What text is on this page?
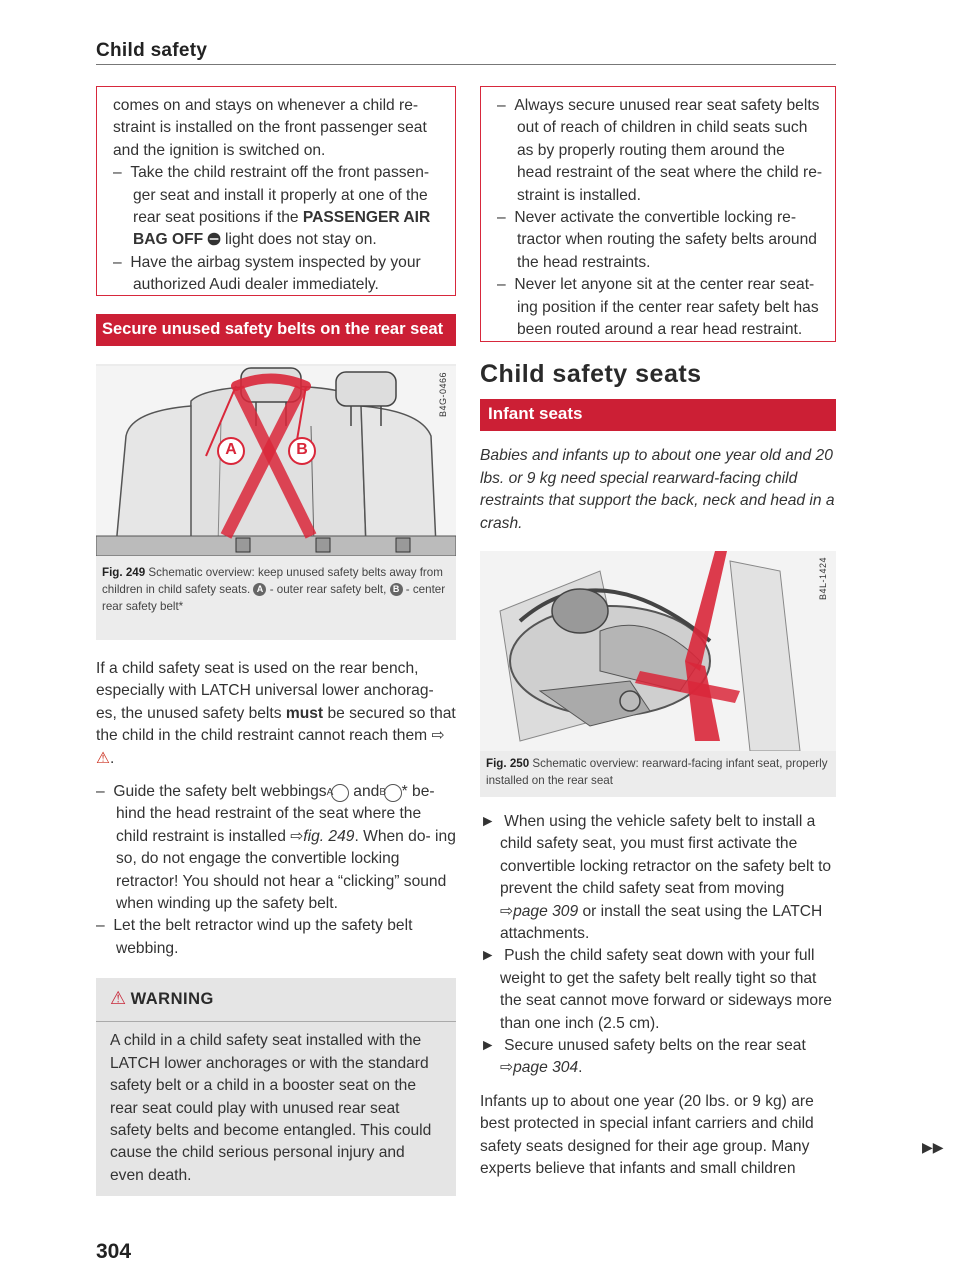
Child safety

comes on and stays on whenever a child re-

straint is installed on the front passenger seat

and the ignition is switched on.

–  Take the child restraint off the front passen- ger seat and install it properly at one of the rear seat positions if the PASSENGER AIR BAG OFF ⛔︎ light does not stay on.

–  Have the airbag system inspected by your authorized Audi dealer immediately.

Secure unused safety belts on the rear seat
A	B
B4G-0466
Fig. 249 Schematic overview: keep unused safety belts away from children in child safety seats. A - outer rear safety belt, B - center rear safety belt*
If a child safety seat is used on the rear bench, especially with LATCH universal lower anchorag- es, the unused safety belts must be secured so that the child in the child restraint cannot reach them ⇨ ⚠︎.

–  Guide the safety belt webbings A and B * be- hind the head restraint of the seat where the child restraint is installed ⇨fig. 249. When do- ing so, do not engage the convertible locking retractor! You should not hear a “clicking” sound when winding up the safety belt.

–  Let the belt retractor wind up the safety belt webbing.

⚠︎ WARNING
A child in a child safety seat installed with the LATCH lower anchorages or with the standard safety belt or a child in a booster seat on the rear seat could play with unused rear seat safety belts and become entangled. This could cause the child serious personal injury and even death.
304

–  Always secure unused rear seat safety belts out of reach of children in child seats such as by properly routing them around the head restraint of the seat where the child re- straint is installed.

–  Never activate the convertible locking re- tractor when routing the safety belts around the head restraints.

–  Never let anyone sit at the center rear seat- ing position if the center rear safety belt has been routed around a rear head restraint.

Child safety seats
Infant seats
Babies and infants up to about one year old and 20 lbs. or 9 kg need special rearward-facing child restraints that support the back, neck and head in a crash.
B4L-1424
Fig. 250 Schematic overview: rearward-facing infant seat, properly installed on the rear seat

► When using the vehicle safety belt to install a child safety seat, you must first activate the convertible locking retractor on the safety belt to prevent the child safety seat from moving ⇨page 309 or install the seat using the LATCH attachments.

► Push the child safety seat down with your full weight to get the safety belt really tight so that the seat cannot move forward or sideways more than one inch (2.5 cm).

► Secure unused safety belts on the rear seat ⇨page 304.

Infants up to about one year (20 lbs. or 9 kg) are best protected in special infant carriers and child safety seats designed for their age group. Many experts believe that infants and small children
▶▶
